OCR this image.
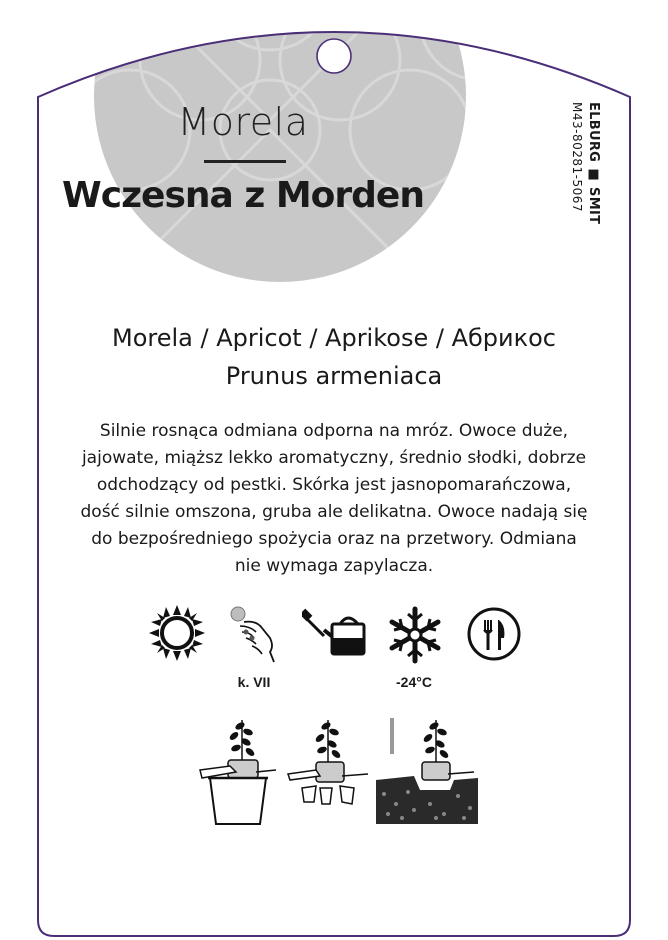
Morela
Wczesna z Morden	ELBURG ■ SMIT
M43-80281-5067
Morela / Apricot / Aprikose / Абрикос
Prunus armeniaca
Silnie rosnąca odmiana odporna na mróz. Owoce duże, jajowate, miąższ lekko aromatyczny, średnio słodki, dobrze odchodzący od pestki. Skórka jest jasnopomarańczowa, dość silnie omszona, gruba ale delikatna. Owoce nadają się do bezpośredniego spożycia oraz na przetwory. Odmiana nie wymaga zapylacza.
k. VII	-24°C
